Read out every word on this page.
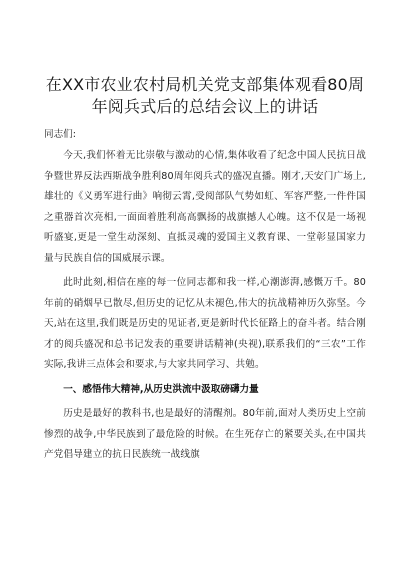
在XX市农业农村局机关党支部集体观看80周年阅兵式后的总结会议上的讲话

同志们:

今天,我们怀着无比崇敬与激动的心情,集体收看了纪念中国人民抗日战争暨世界反法西斯战争胜利80周年阅兵式的盛况直播。刚才,天安门广场上,雄壮的《义勇军进行曲》响彻云霄,受阅部队气势如虹、军容严整,一件件国之重器首次亮相,一面面着胜利高高飘扬的战旗撼人心魄。这不仅是一场视听盛宴,更是一堂生动深刻、直抵灵魂的爱国主义教育课、一堂彰显国家力量与民族自信的国威展示课。

此时此刻,相信在座的每一位同志都和我一样,心潮澎湃,感慨万千。80年前的硝烟早已散尽,但历史的记忆从未褪色,伟大的抗战精神历久弥坚。今天,站在这里,我们既是历史的见证者,更是新时代长征路上的奋斗者。结合刚才的阅兵盛况和总书记发表的重要讲话精神(央视),联系我们的“三农”工作实际,我讲三点体会和要求,与大家共同学习、共勉。

一、感悟伟大精神,从历史洪流中汲取磅礴力量

历史是最好的教科书,也是最好的清醒剂。80年前,面对人类历史上空前惨烈的战争,中华民族到了最危险的时候。在生死存亡的紧要关头,在中国共产党倡导建立的抗日民族统一战线旗
